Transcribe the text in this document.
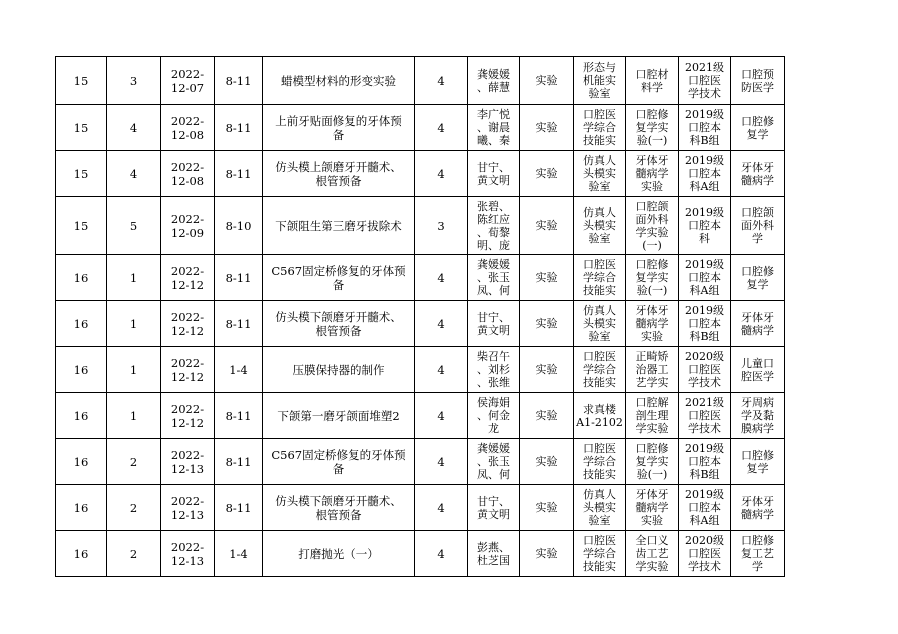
15	3	2022-
12-07	8-11	蜡模型材料的形变实验	4	龚媛媛
、薛慧	实验	形态与
机能实
验室	口腔材
料学	2021级
口腔医
学技术	口腔预
防医学

15	4	2022-
12-08	8-11	上前牙贴面修复的牙体预
备	4	李广悦
、谢晨
曦、秦	实验	口腔医
学综合
技能实	口腔修
复学实
验(一)	2019级
口腔本
科B组	口腔修
复学

15	4	2022-
12-08	8-11	仿头模上颌磨牙开髓术、
根管预备	4	甘宁、
黄文明	实验	仿真人
头模实
验室	牙体牙
髓病学
实验	2019级
口腔本
科A组	牙体牙
髓病学

15	5	2022-
12-09	8-10	下颌阻生第三磨牙拔除术	3	张碧、
陈红应
、荀黎
明、庞	实验	仿真人
头模实
验室	口腔颌
面外科
学实验
(一)	2019级
口腔本
科	口腔颌
面外科
学

16	1	2022-
12-12	8-11	C567固定桥修复的牙体预
备	4	龚媛媛
、张玉
凤、何	实验	口腔医
学综合
技能实	口腔修
复学实
验(一)	2019级
口腔本
科A组	口腔修
复学

16	1	2022-
12-12	8-11	仿头模下颌磨牙开髓术、
根管预备	4	甘宁、
黄文明	实验	仿真人
头模实
验室	牙体牙
髓病学
实验	2019级
口腔本
科B组	牙体牙
髓病学

16	1	2022-
12-12	1-4	压膜保持器的制作	4	柴召午
、刘杉
、张维	实验	口腔医
学综合
技能实	正畸矫
治器工
艺学实	2020级
口腔医
学技术	儿童口
腔医学

16	1	2022-
12-12	8-11	下颌第一磨牙颌面堆塑2	4	侯海娟
、何金
龙	实验	求真楼
A1-2102	口腔解
剖生理
学实验	2021级
口腔医
学技术	牙周病
学及黏
膜病学

16	2	2022-
12-13	8-11	C567固定桥修复的牙体预
备	4	龚媛媛
、张玉
凤、何	实验	口腔医
学综合
技能实	口腔修
复学实
验(一)	2019级
口腔本
科B组	口腔修
复学

16	2	2022-
12-13	8-11	仿头模下颌磨牙开髓术、
根管预备	4	甘宁、
黄文明	实验	仿真人
头模实
验室	牙体牙
髓病学
实验	2019级
口腔本
科A组	牙体牙
髓病学

16	2	2022-
12-13	1-4	打磨抛光（一）	4	彭燕、
杜芝国	实验	口腔医
学综合
技能实	全口义
齿工艺
学实验	2020级
口腔医
学技术	口腔修
复工艺
学
